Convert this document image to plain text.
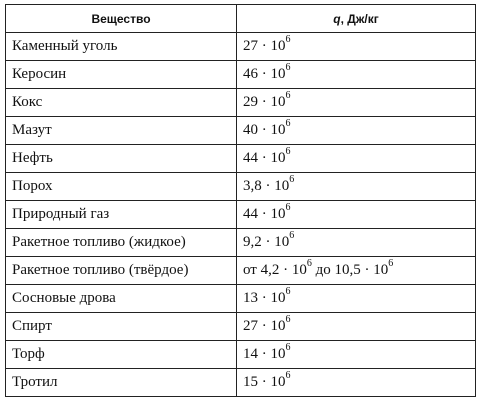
Вещество	q, Дж/кг
Каменный уголь	$27 \cdot 10^6$
Керосин	$46 \cdot 10^6$
Кокс	$29 \cdot 10^6$
Мазут	$40 \cdot 10^6$
Нефть	$44 \cdot 10^6$
Порох	$3,8 \cdot 10^6$
Природный газ	$44 \cdot 10^6$
Ракетное топливо (жидкое)	$9,2 \cdot 10^6$
Ракетное топливо (твёрдое)	от $4,2 \cdot 10^6$ до $10,5 \cdot 10^6$
Сосновые дрова	$13 \cdot 10^6$
Спирт	$27 \cdot 10^6$
Торф	$14 \cdot 10^6$
Тротил	$15 \cdot 10^6$
